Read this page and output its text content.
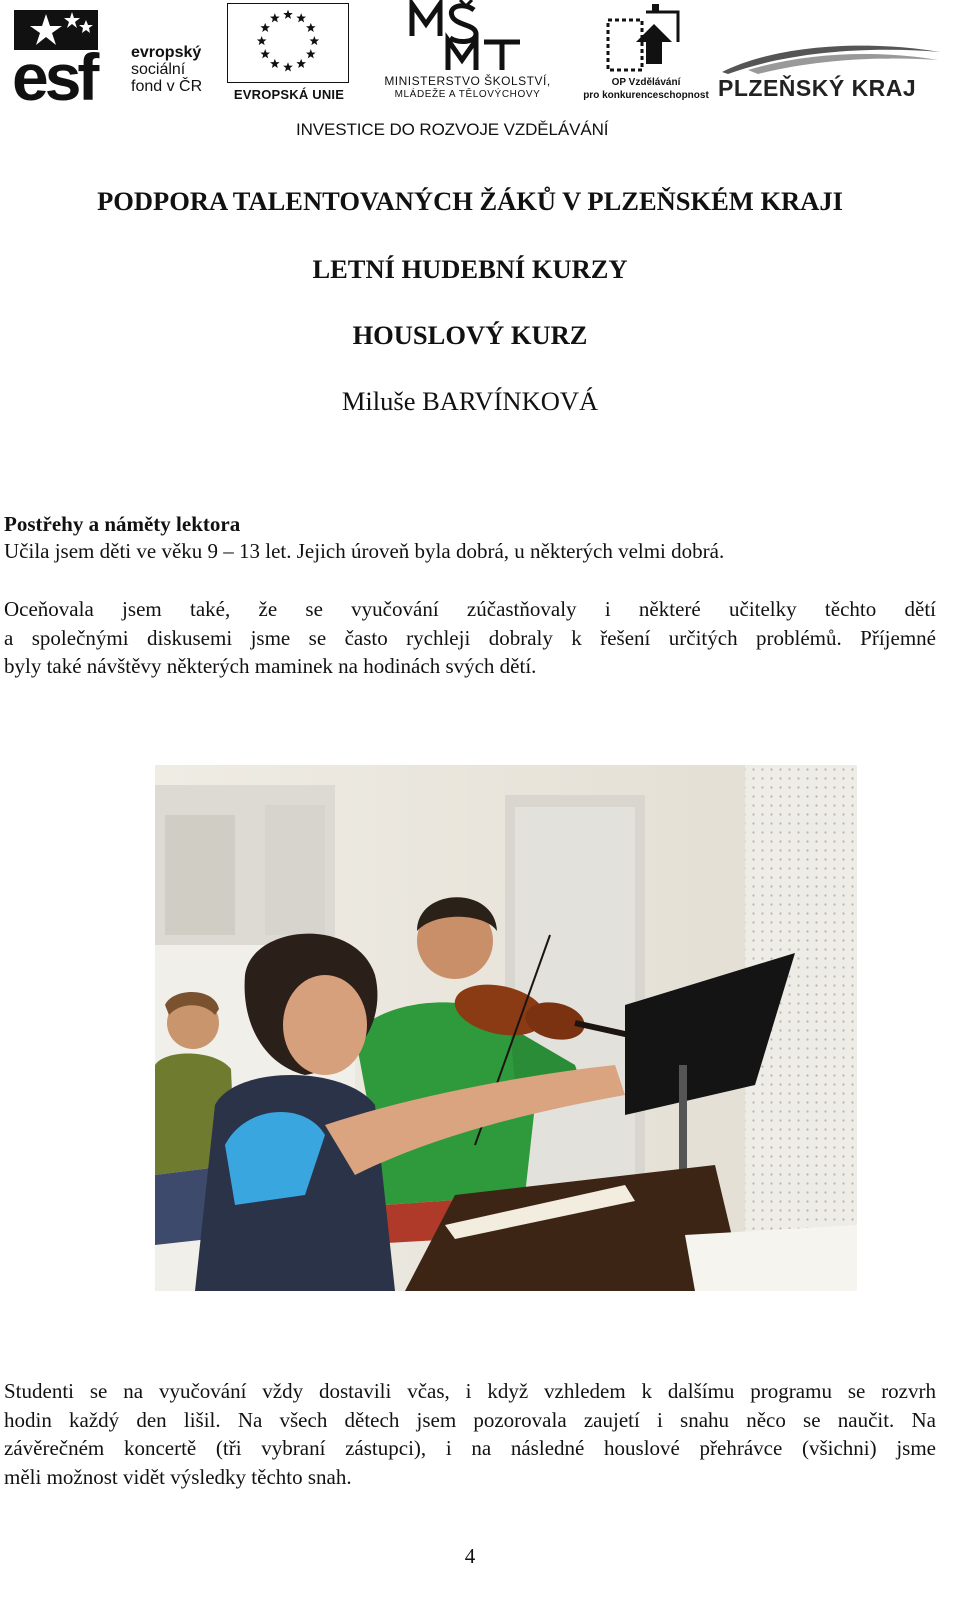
esf	evropský
sociální
fond v ČR	EVROPSKÁ UNIE
MINISTERSTVO ŠKOLSTVÍ,
MLÁDEŽE A TĚLOVÝCHOVY
OP Vzdělávání
pro konkurenceschopnost PLZEŇSKÝ KRAJ
INVESTICE DO ROZVOJE VZDĚLÁVÁNÍ
PODPORA TALENTOVANÝCH ŽÁKŮ V PLZEŇSKÉM KRAJI
LETNÍ HUDEBNÍ KURZY
HOUSLOVÝ KURZ
Miluše BARVÍNKOVÁ

Postřehy a náměty lektora

Učila jsem děti ve věku 9 – 13 let. Jejich úroveň byla dobrá, u některých velmi dobrá.

Oceňovala jsem také, že se vyučování zúčastňovaly i některé učitelky těchto dětí
a společnými diskusemi jsme se často rychleji dobraly k řešení určitých problémů. Příjemné
byly také návštěvy některých maminek na hodinách svých dětí.

Studenti se na vyučování vždy dostavili včas, i když vzhledem k dalšímu programu se rozvrh
hodin každý den lišil. Na všech dětech jsem pozorovala zaujetí i snahu něco se naučit. Na
závěrečném koncertě (tři vybraní zástupci), i na následné houslové přehrávce (všichni) jsme
měli možnost vidět výsledky těchto snah.

4
